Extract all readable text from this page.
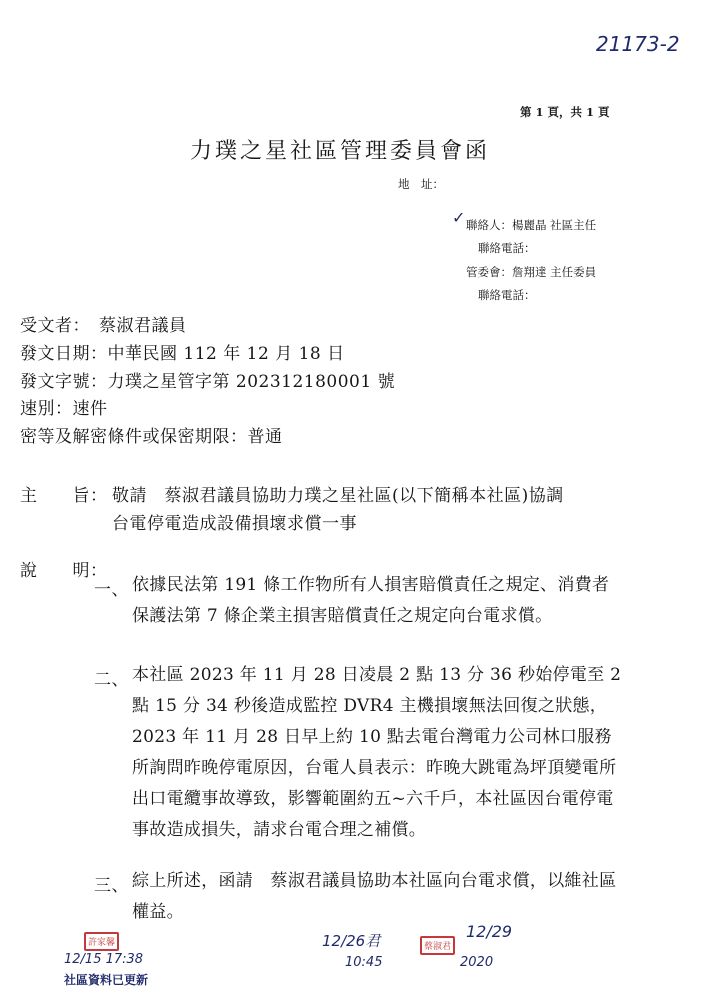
21173-2
第 1 頁，共 1 頁
力璞之星社區管理委員會函
地　址：
✓ 聯絡人：楊麗晶 社區主任
聯絡電話：
管委會：詹翔達 主任委員
聯絡電話：
受文者：　蔡淑君議員
發文日期：中華民國 112 年 12 月 18 日
發文字號：力璞之星管字第 202312180001 號
速別：速件
密等及解密條件或保密期限：普通
主　　旨： 敬請　蔡淑君議員協助力璞之星社區(以下簡稱本社區)協調
台電停電造成設備損壞求償一事
說　　明：
一、 依據民法第 191 條工作物所有人損害賠償責任之規定、消費者保護法第 7 條企業主損害賠償責任之規定向台電求償。
二、 本社區 2023 年 11 月 28 日凌晨 2 點 13 分 36 秒始停電至 2 點 15 分 34 秒後造成監控 DVR4 主機損壞無法回復之狀態，2023 年 11 月 28 日早上約 10 點去電台灣電力公司林口服務所詢問昨晚停電原因，台電人員表示：昨晚大跳電為坪頂變電所出口電纜事故導致，影響範圍約五~六千戶，本社區因台電停電事故造成損失，請求台電合理之補償。
三、 綜上所述，函請　蔡淑君議員協助本社區向台電求償，以維社區權益。
許家馨
12/15 17:38
社區資料已更新
12/26君
10:45
蔡淑君
12/29
2020
